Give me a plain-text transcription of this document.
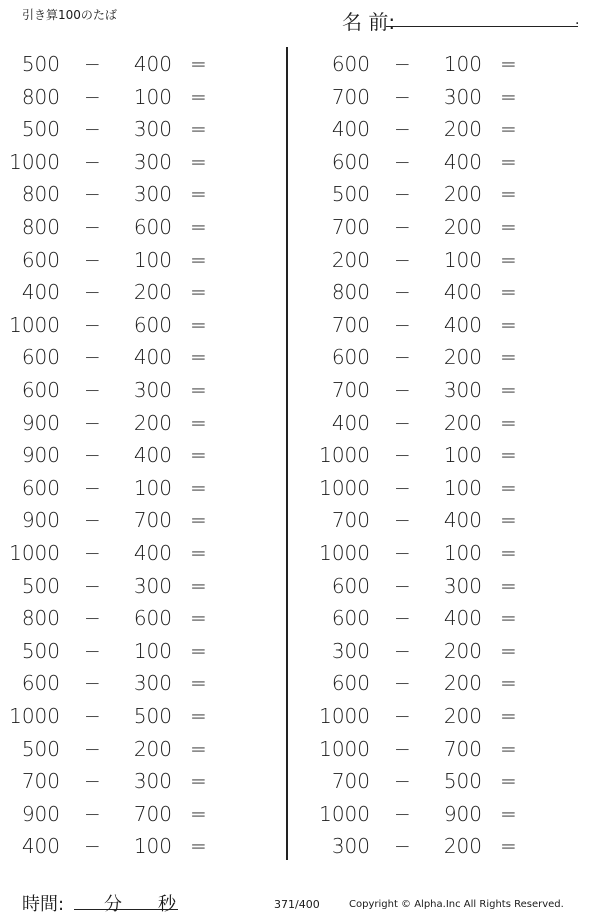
引き算100のたば	名 前:	.
500 −	400 =
800 −	100 =
500 −	300 =
1000 −	300 =
800 −	300 =
800 −	600 =
600 −	100 =
400 −	200 =
1000 −	600 =
600 −	400 =
600 −	300 =
900 −	200 =
900 −	400 =
600 −	100 =
900 −	700 =
1000 −	400 =
500 −	300 =
800 −	600 =
500 −	100 =
600 −	300 =
1000 −	500 =
500 −	200 =
700 −	300 =
900 −	700 =
400 −	100 =
600 −	100 =
700 −	300 =
400 −	200 =
600 −	400 =
500 −	200 =
700 −	200 =
200 −	100 =
800 −	400 =
700 −	400 =
600 −	200 =
700 −	300 =
400 −	200 =
1000 −	100 =
1000 −	100 =
700 −	400 =
1000 −	100 =
600 −	300 =
600 −	400 =
300 −	200 =
600 −	200 =
1000 −	200 =
1000 −	700 =
700 −	500 =
1000 −	900 =
300 −	200 =
時間: 分 秒	371/400	Copyright © Alpha.Inc All Rights Reserved.
